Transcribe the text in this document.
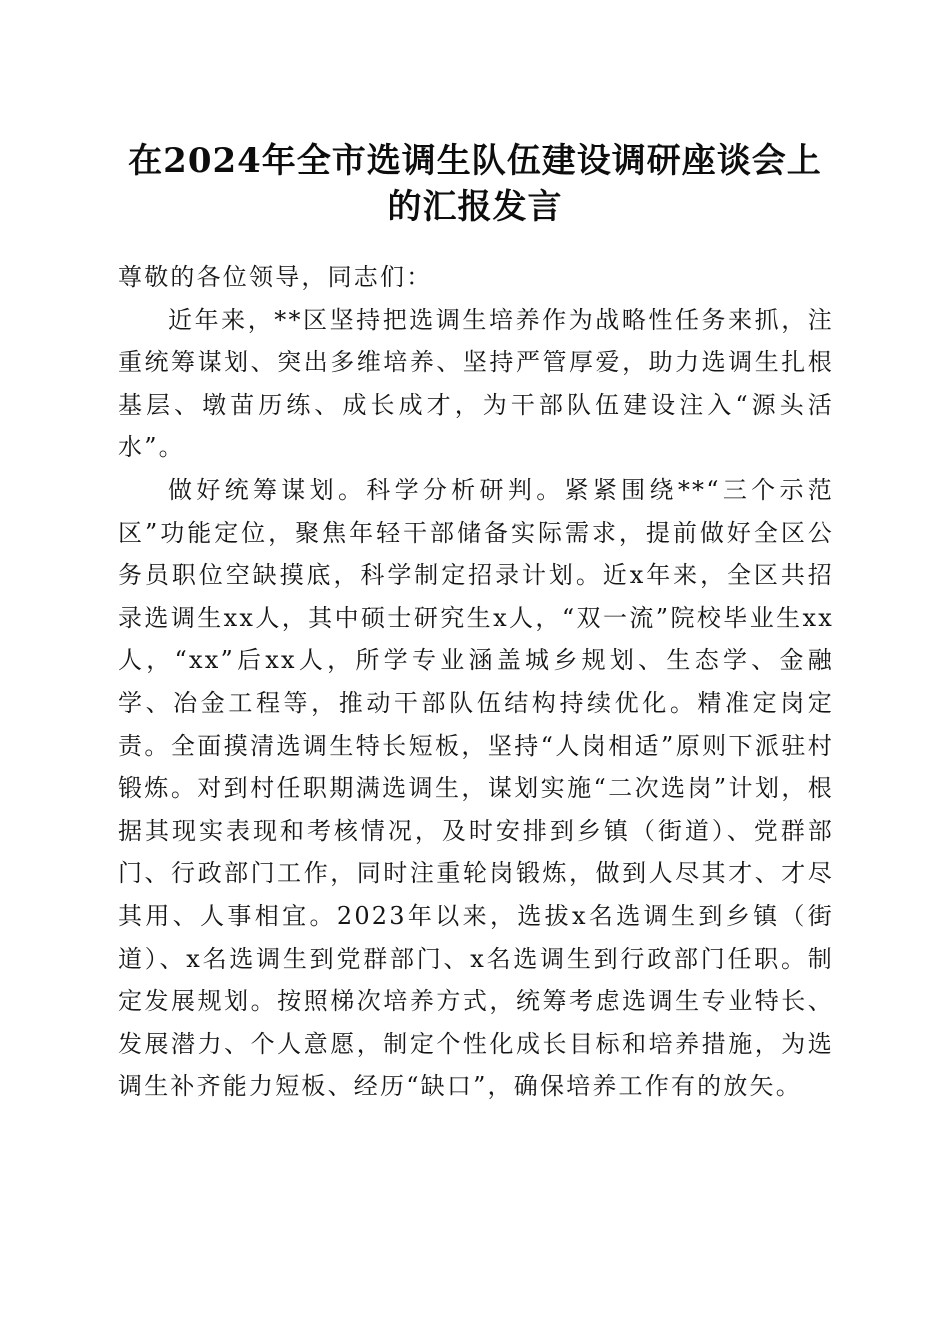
在2024年全市选调生队伍建设调研座谈会上
的汇报发言

尊敬的各位领导，同志们：

近年来，**区坚持把选调生培养作为战略性任务来抓，注重统筹谋划、突出多维培养、坚持严管厚爱，助力选调生扎根基层、墩苗历练、成长成才，为干部队伍建设注入“源头活水”。

做好统筹谋划。科学分析研判。紧紧围绕**“三个示范区”功能定位，聚焦年轻干部储备实际需求，提前做好全区公务员职位空缺摸底，科学制定招录计划。近x年来，全区共招录选调生xx人，其中硕士研究生x人，“双一流”院校毕业生xx人，“xx”后xx人，所学专业涵盖城乡规划、生态学、金融学、冶金工程等，推动干部队伍结构持续优化。精准定岗定责。全面摸清选调生特长短板，坚持“人岗相适”原则下派驻村锻炼。对到村任职期满选调生，谋划实施“二次选岗”计划，根据其现实表现和考核情况，及时安排到乡镇（街道）、党群部门、行政部门工作，同时注重轮岗锻炼，做到人尽其才、才尽其用、人事相宜。2023年以来，选拔x名选调生到乡镇（街道）、x名选调生到党群部门、x名选调生到行政部门任职。制定发展规划。按照梯次培养方式，统筹考虑选调生专业特长、发展潜力、个人意愿，制定个性化成长目标和培养措施，为选调生补齐能力短板、经历“缺口”，确保培养工作有的放矢。
